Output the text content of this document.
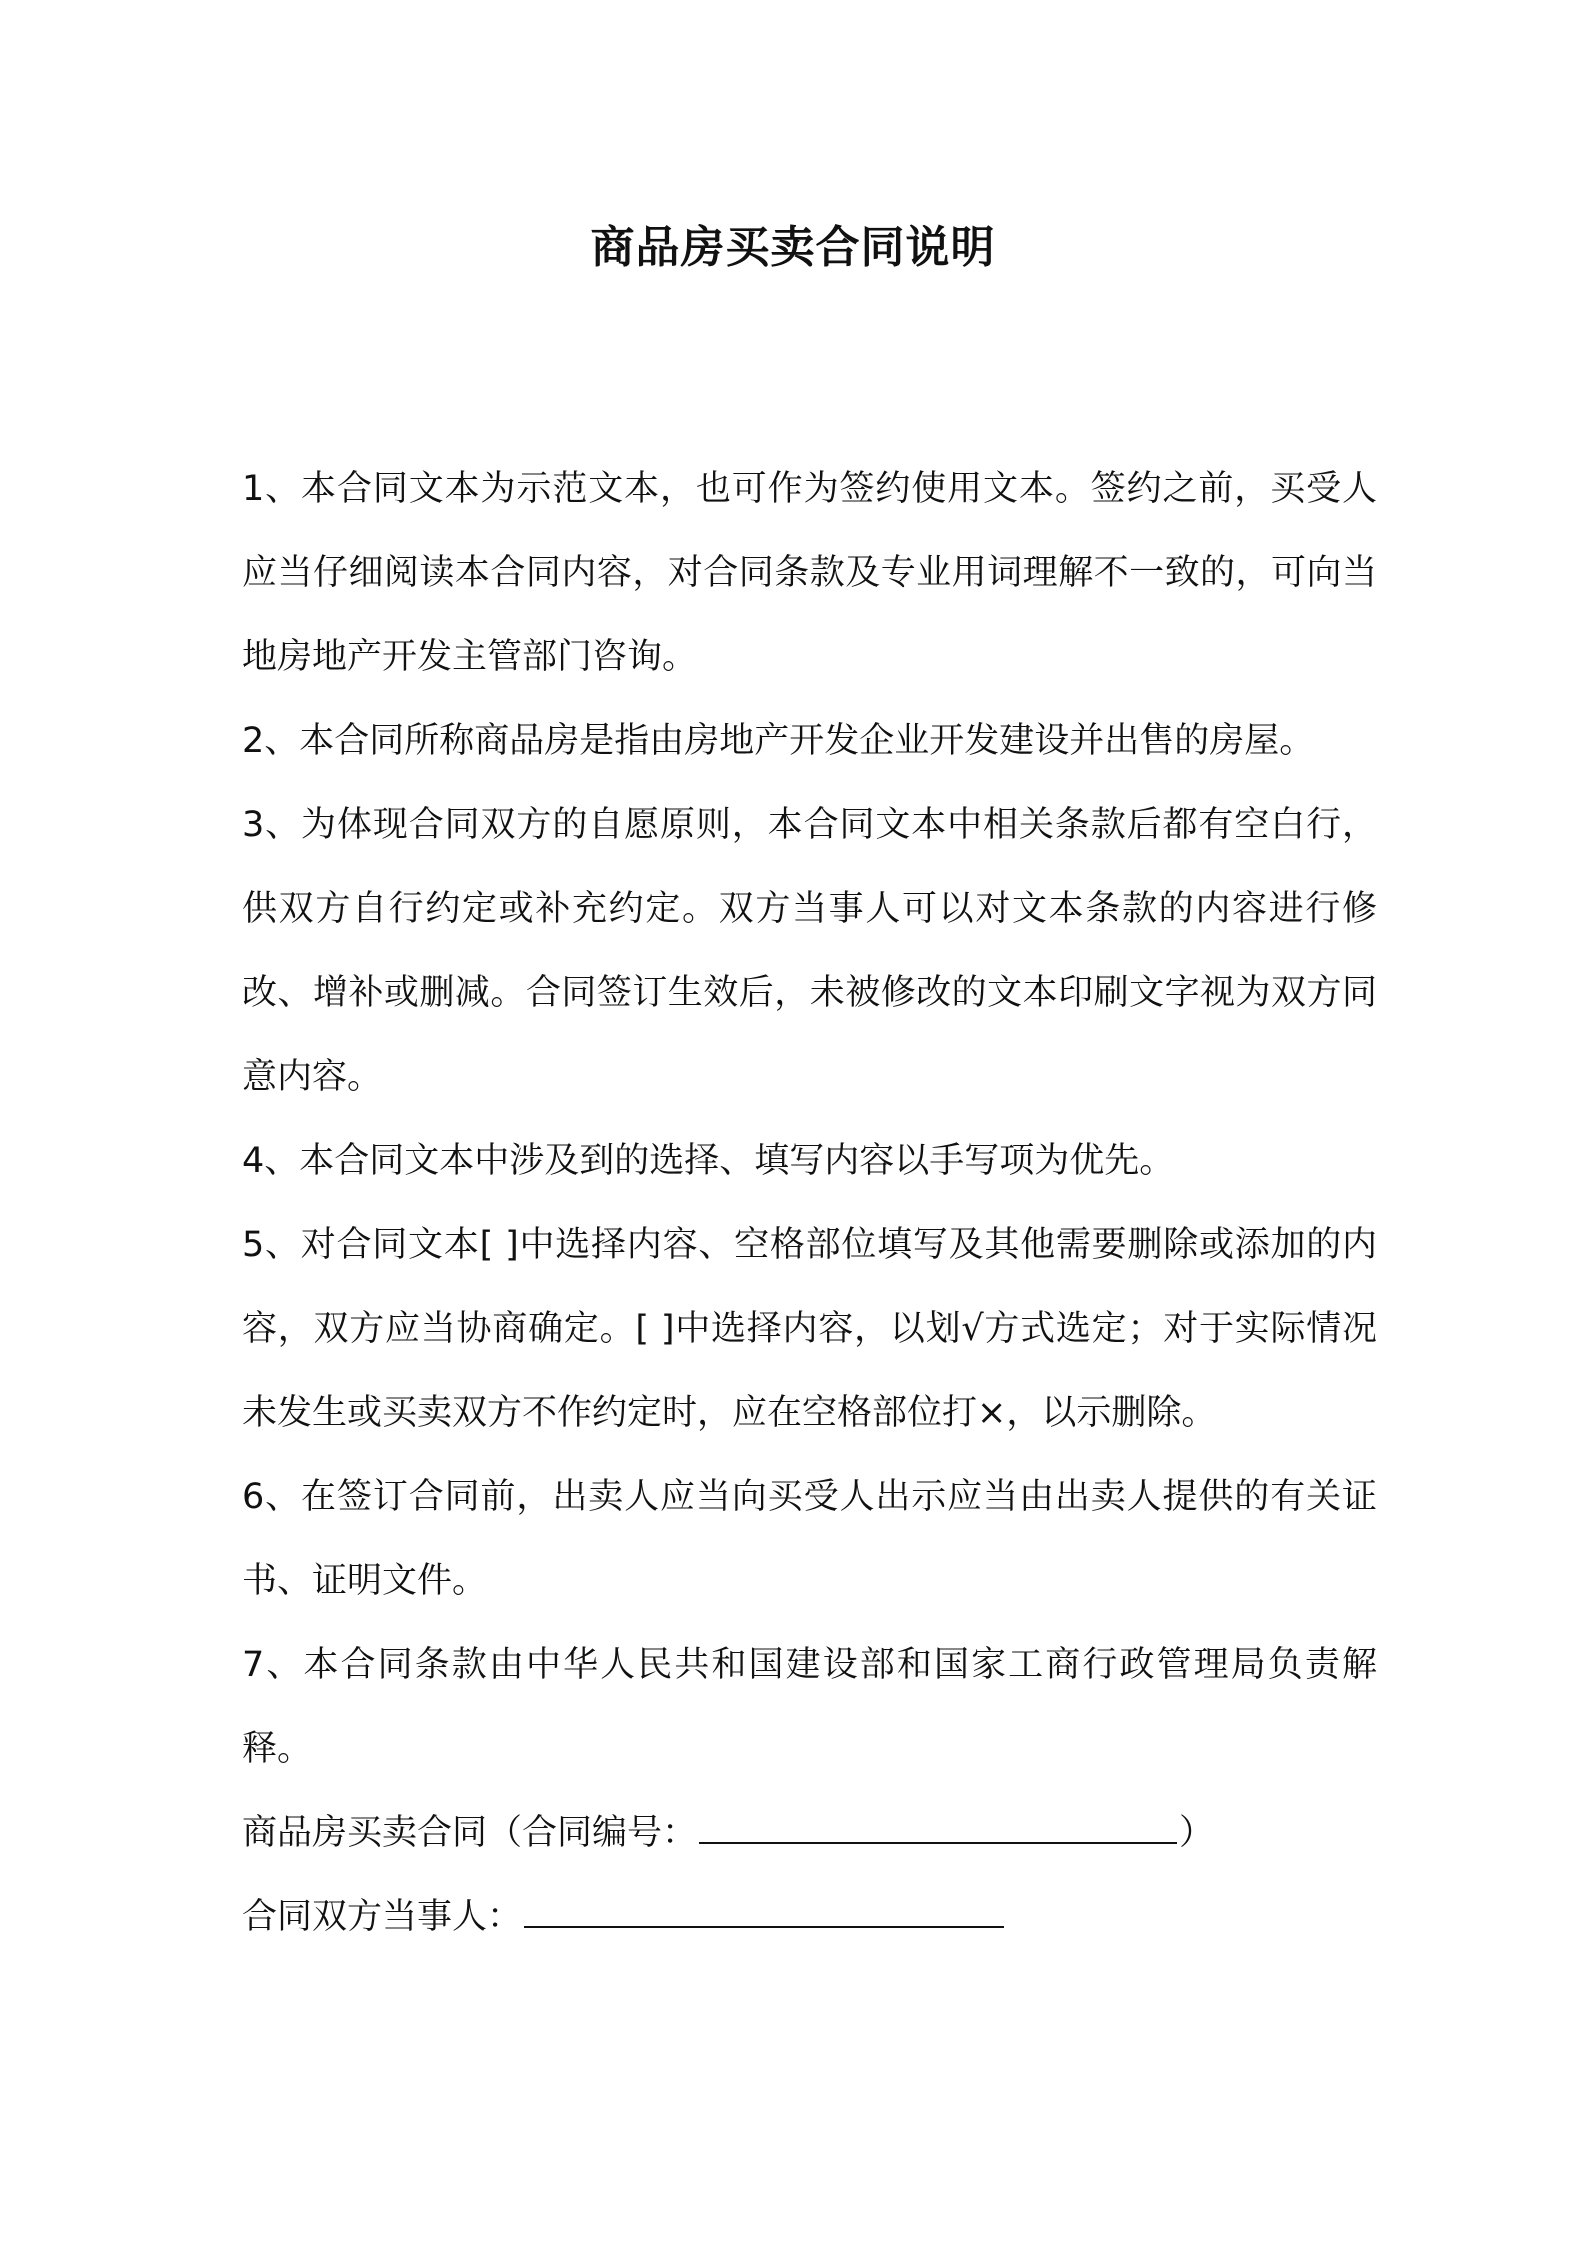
商品房买卖合同说明

1、本合同文本为示范文本，也可作为签约使用文本。签约之前，买受人应当仔细阅读本合同内容，对合同条款及专业用词理解不一致的，可向当地房地产开发主管部门咨询。

2、本合同所称商品房是指由房地产开发企业开发建设并出售的房屋。

3、为体现合同双方的自愿原则，本合同文本中相关条款后都有空白行，供双方自行约定或补充约定。双方当事人可以对文本条款的内容进行修改、增补或删减。合同签订生效后，未被修改的文本印刷文字视为双方同意内容。

4、本合同文本中涉及到的选择、填写内容以手写项为优先。

5、对合同文本[ ]中选择内容、空格部位填写及其他需要删除或添加的内容，双方应当协商确定。[ ]中选择内容，以划√方式选定；对于实际情况未发生或买卖双方不作约定时，应在空格部位打×，以示删除。

6、在签订合同前，出卖人应当向买受人出示应当由出卖人提供的有关证书、证明文件。

7、本合同条款由中华人民共和国建设部和国家工商行政管理局负责解释。

商品房买卖合同（合同编号：	）

合同双方当事人：
